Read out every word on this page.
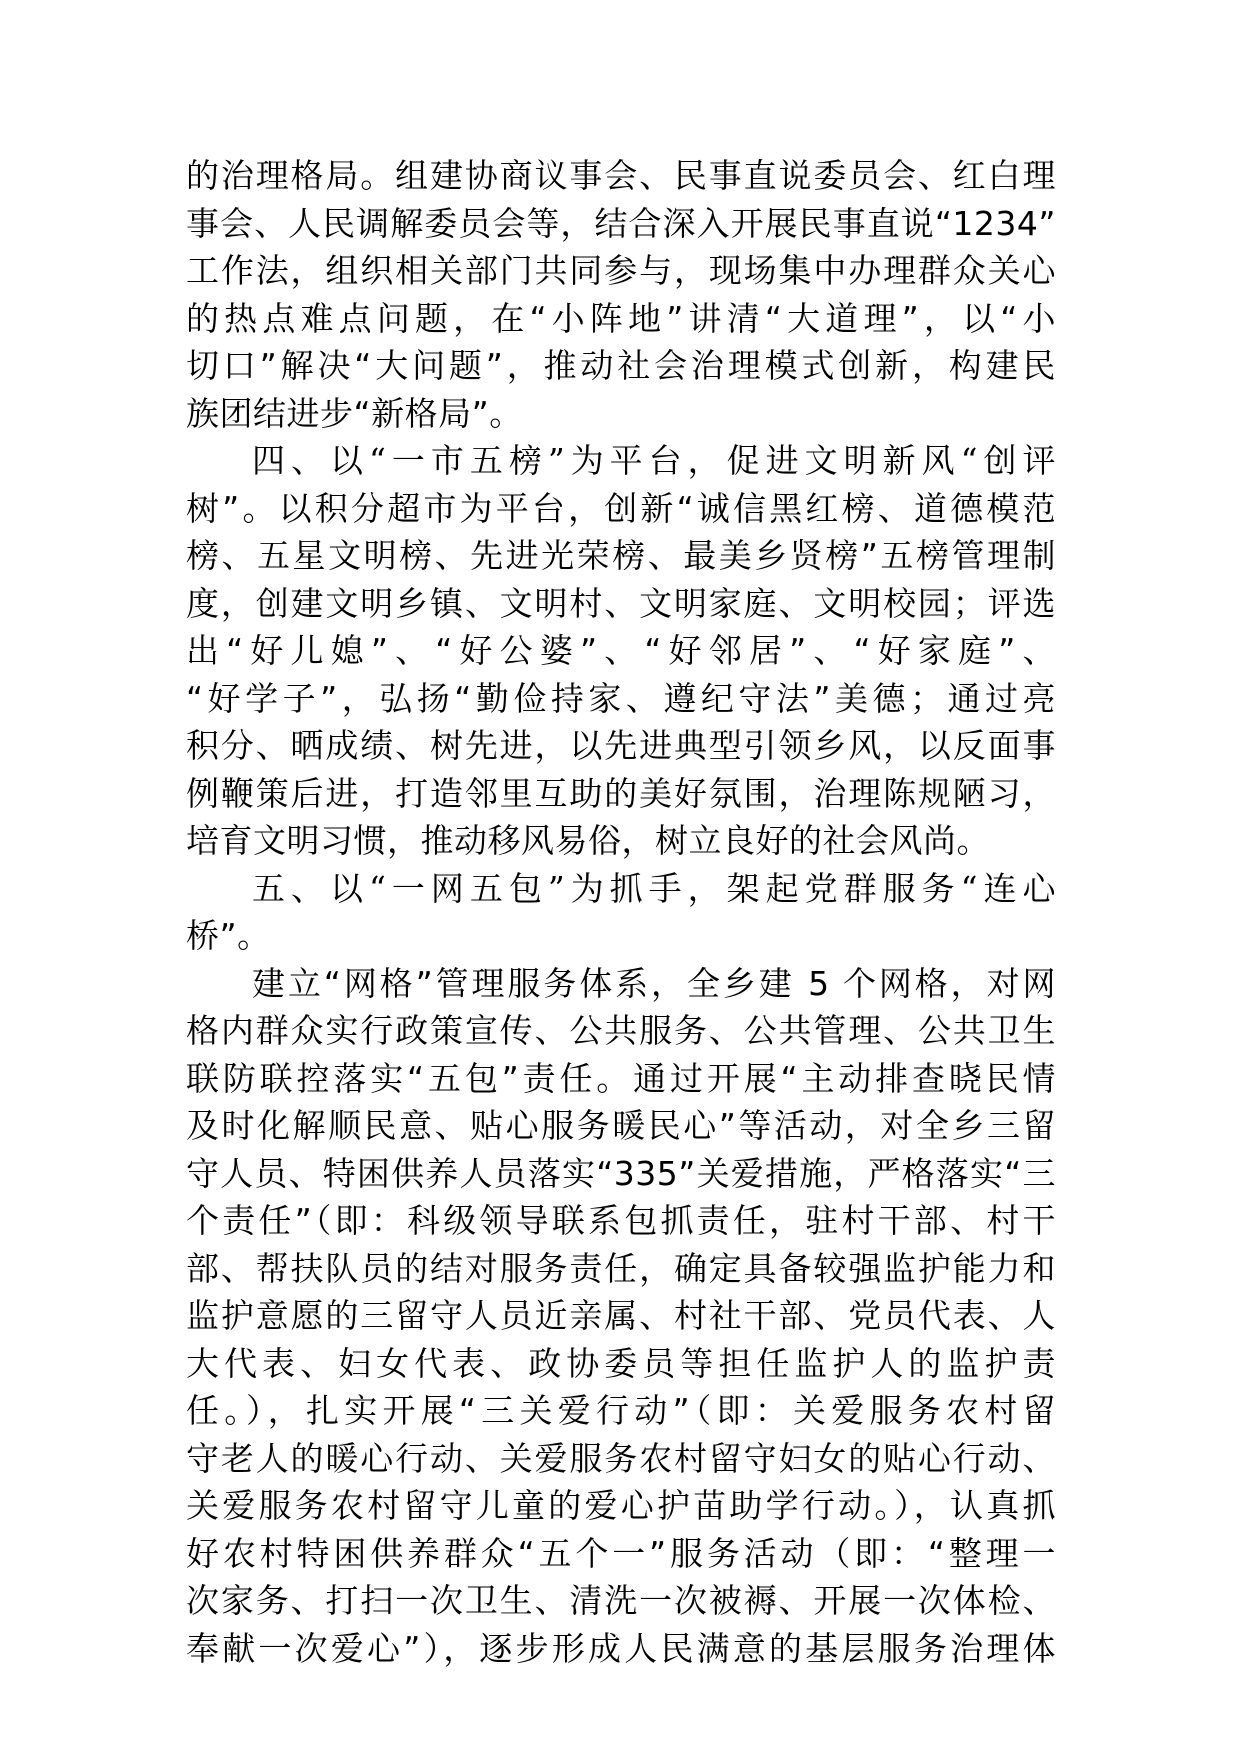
的治理格局。组建协商议事会、民事直说委员会、红白理
事会、人民调解委员会等，结合深入开展民事直说“1234”
工作法，组织相关部门共同参与，现场集中办理群众关心
的热点难点问题，在“小阵地”讲清“大道理”，以“小
切口”解决“大问题”，推动社会治理模式创新，构建民
族团结进步“新格局”。
四、以“一市五榜”为平台，促进文明新风“创评
树”。以积分超市为平台，创新“诚信黑红榜、道德模范
榜、五星文明榜、先进光荣榜、最美乡贤榜”五榜管理制
度，创建文明乡镇、文明村、文明家庭、文明校园；评选
出“好儿媳”、“好公婆”、“好邻居”、“好家庭”、
“好学子”，弘扬“勤俭持家、遵纪守法”美德；通过亮
积分、晒成绩、树先进，以先进典型引领乡风，以反面事
例鞭策后进，打造邻里互助的美好氛围，治理陈规陋习，
培育文明习惯，推动移风易俗，树立良好的社会风尚。
五、以“一网五包”为抓手，架起党群服务“连心
桥”。
建立“网格”管理服务体系，全乡建 5 个网格，对网
格内群众实行政策宣传、公共服务、公共管理、公共卫生
联防联控落实“五包”责任。通过开展“主动排查晓民情
及时化解顺民意、贴心服务暖民心”等活动，对全乡三留
守人员、特困供养人员落实“335”关爱措施，严格落实“三
个责任”（即：科级领导联系包抓责任，驻村干部、村干
部、帮扶队员的结对服务责任，确定具备较强监护能力和
监护意愿的三留守人员近亲属、村社干部、党员代表、人
大代表、妇女代表、政协委员等担任监护人的监护责
任。），扎实开展“三关爱行动”（即：关爱服务农村留
守老人的暖心行动、关爱服务农村留守妇女的贴心行动、
关爱服务农村留守儿童的爱心护苗助学行动。），认真抓
好农村特困供养群众“五个一”服务活动（即：“整理一
次家务、打扫一次卫生、清洗一次被褥、开展一次体检、
奉献一次爱心”），逐步形成人民满意的基层服务治理体
